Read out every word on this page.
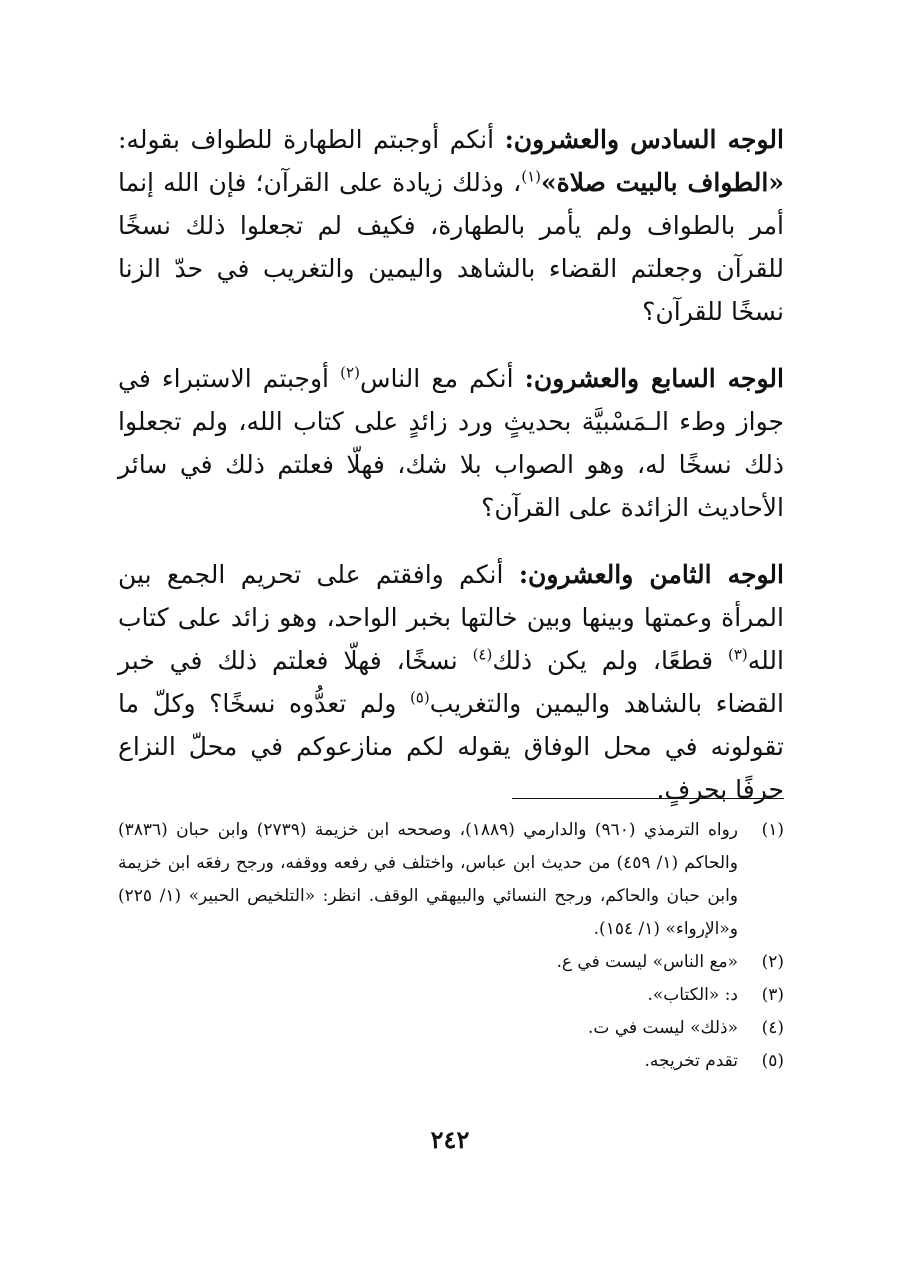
الوجه السادس والعشرون: أنكم أوجبتم الطهارة للطواف بقوله: «الطواف بالبيت صلاة»$^{(١)}$، وذلك زيادة على القرآن؛ فإن الله إنما أمر بالطواف ولم يأمر بالطهارة، فكيف لم تجعلوا ذلك نسخًا للقرآن وجعلتم القضاء بالشاهد واليمين والتغريب في حدّ الزنا نسخًا للقرآن؟

الوجه السابع والعشرون: أنكم مع الناس$^{(٢)}$ أوجبتم الاستبراء في جواز وطء الـمَسْبيَّة بحديثٍ ورد زائدٍ على كتاب الله، ولم تجعلوا ذلك نسخًا له، وهو الصواب بلا شك، فهلّا فعلتم ذلك في سائر الأحاديث الزائدة على القرآن؟

الوجه الثامن والعشرون: أنكم وافقتم على تحريم الجمع بين المرأة وعمتها وبينها وبين خالتها بخبر الواحد، وهو زائد على كتاب الله$^{(٣)}$ قطعًا، ولم يكن ذلك$^{(٤)}$ نسخًا، فهلّا فعلتم ذلك في خبر القضاء بالشاهد واليمين والتغريب$^{(٥)}$ ولم تعدُّوه نسخًا؟ وكلّ ما تقولونه في محل الوفاق يقوله لكم منازعوكم في محلّ النزاع حرفًا بحرفٍ.

(١)
رواه الترمذي (٩٦٠) والدارمي (١٨٨٩)، وصححه ابن خزيمة (٢٧٣٩) وابن حبان (٣٨٣٦) والحاكم (١/ ٤٥٩) من حديث ابن عباس، واختلف في رفعه ووقفه، ورجح رفعَه ابن خزيمة وابن حبان والحاكم، ورجح النسائي والبيهقي الوقف. انظر: «التلخيص الحبير» (١/ ٢٢٥) و«الإرواء» (١/ ١٥٤).
(٢)
«مع الناس» ليست في ع.
(٣)
د: «الكتاب».
(٤)
«ذلك» ليست في ت.
(٥)
تقدم تخريجه.
٢٤٢
